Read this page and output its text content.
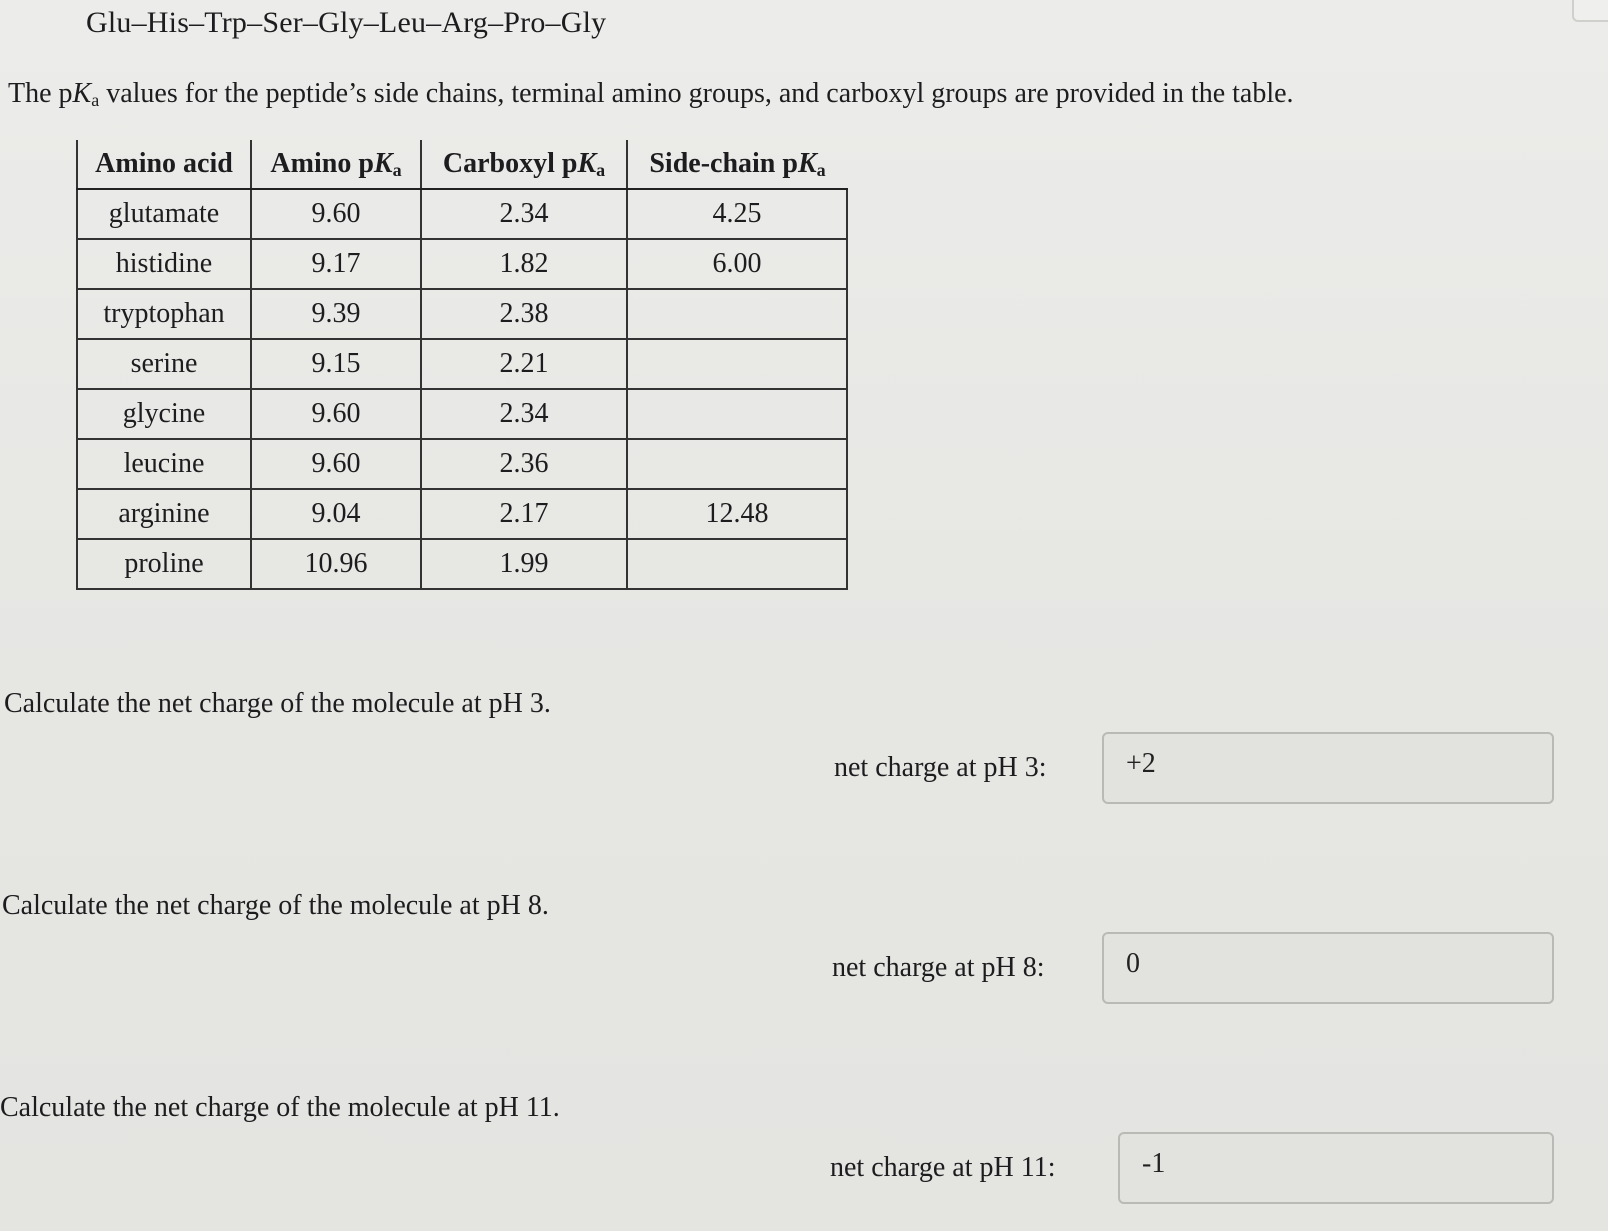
Glu–His–Trp–Ser–Gly–Leu–Arg–Pro–Gly
The $pK_a$ values for the peptide’s side chains, terminal amino groups, and carboxyl groups are provided in the table.
Amino acid	Amino $pK_a$	Carboxyl $pK_a$	Side-chain $pK_a$
glutamate	9.60	2.34	4.25
histidine	9.17	1.82	6.00
tryptophan	9.39	2.38	
serine	9.15	2.21	
glycine	9.60	2.34	
leucine	9.60	2.36	
arginine	9.04	2.17	12.48
proline	10.96	1.99	
Calculate the net charge of the molecule at pH 3.
net charge at pH 3:	+2
Calculate the net charge of the molecule at pH 8.
net charge at pH 8:	0
Calculate the net charge of the molecule at pH 11.
net charge at pH 11:	-1
